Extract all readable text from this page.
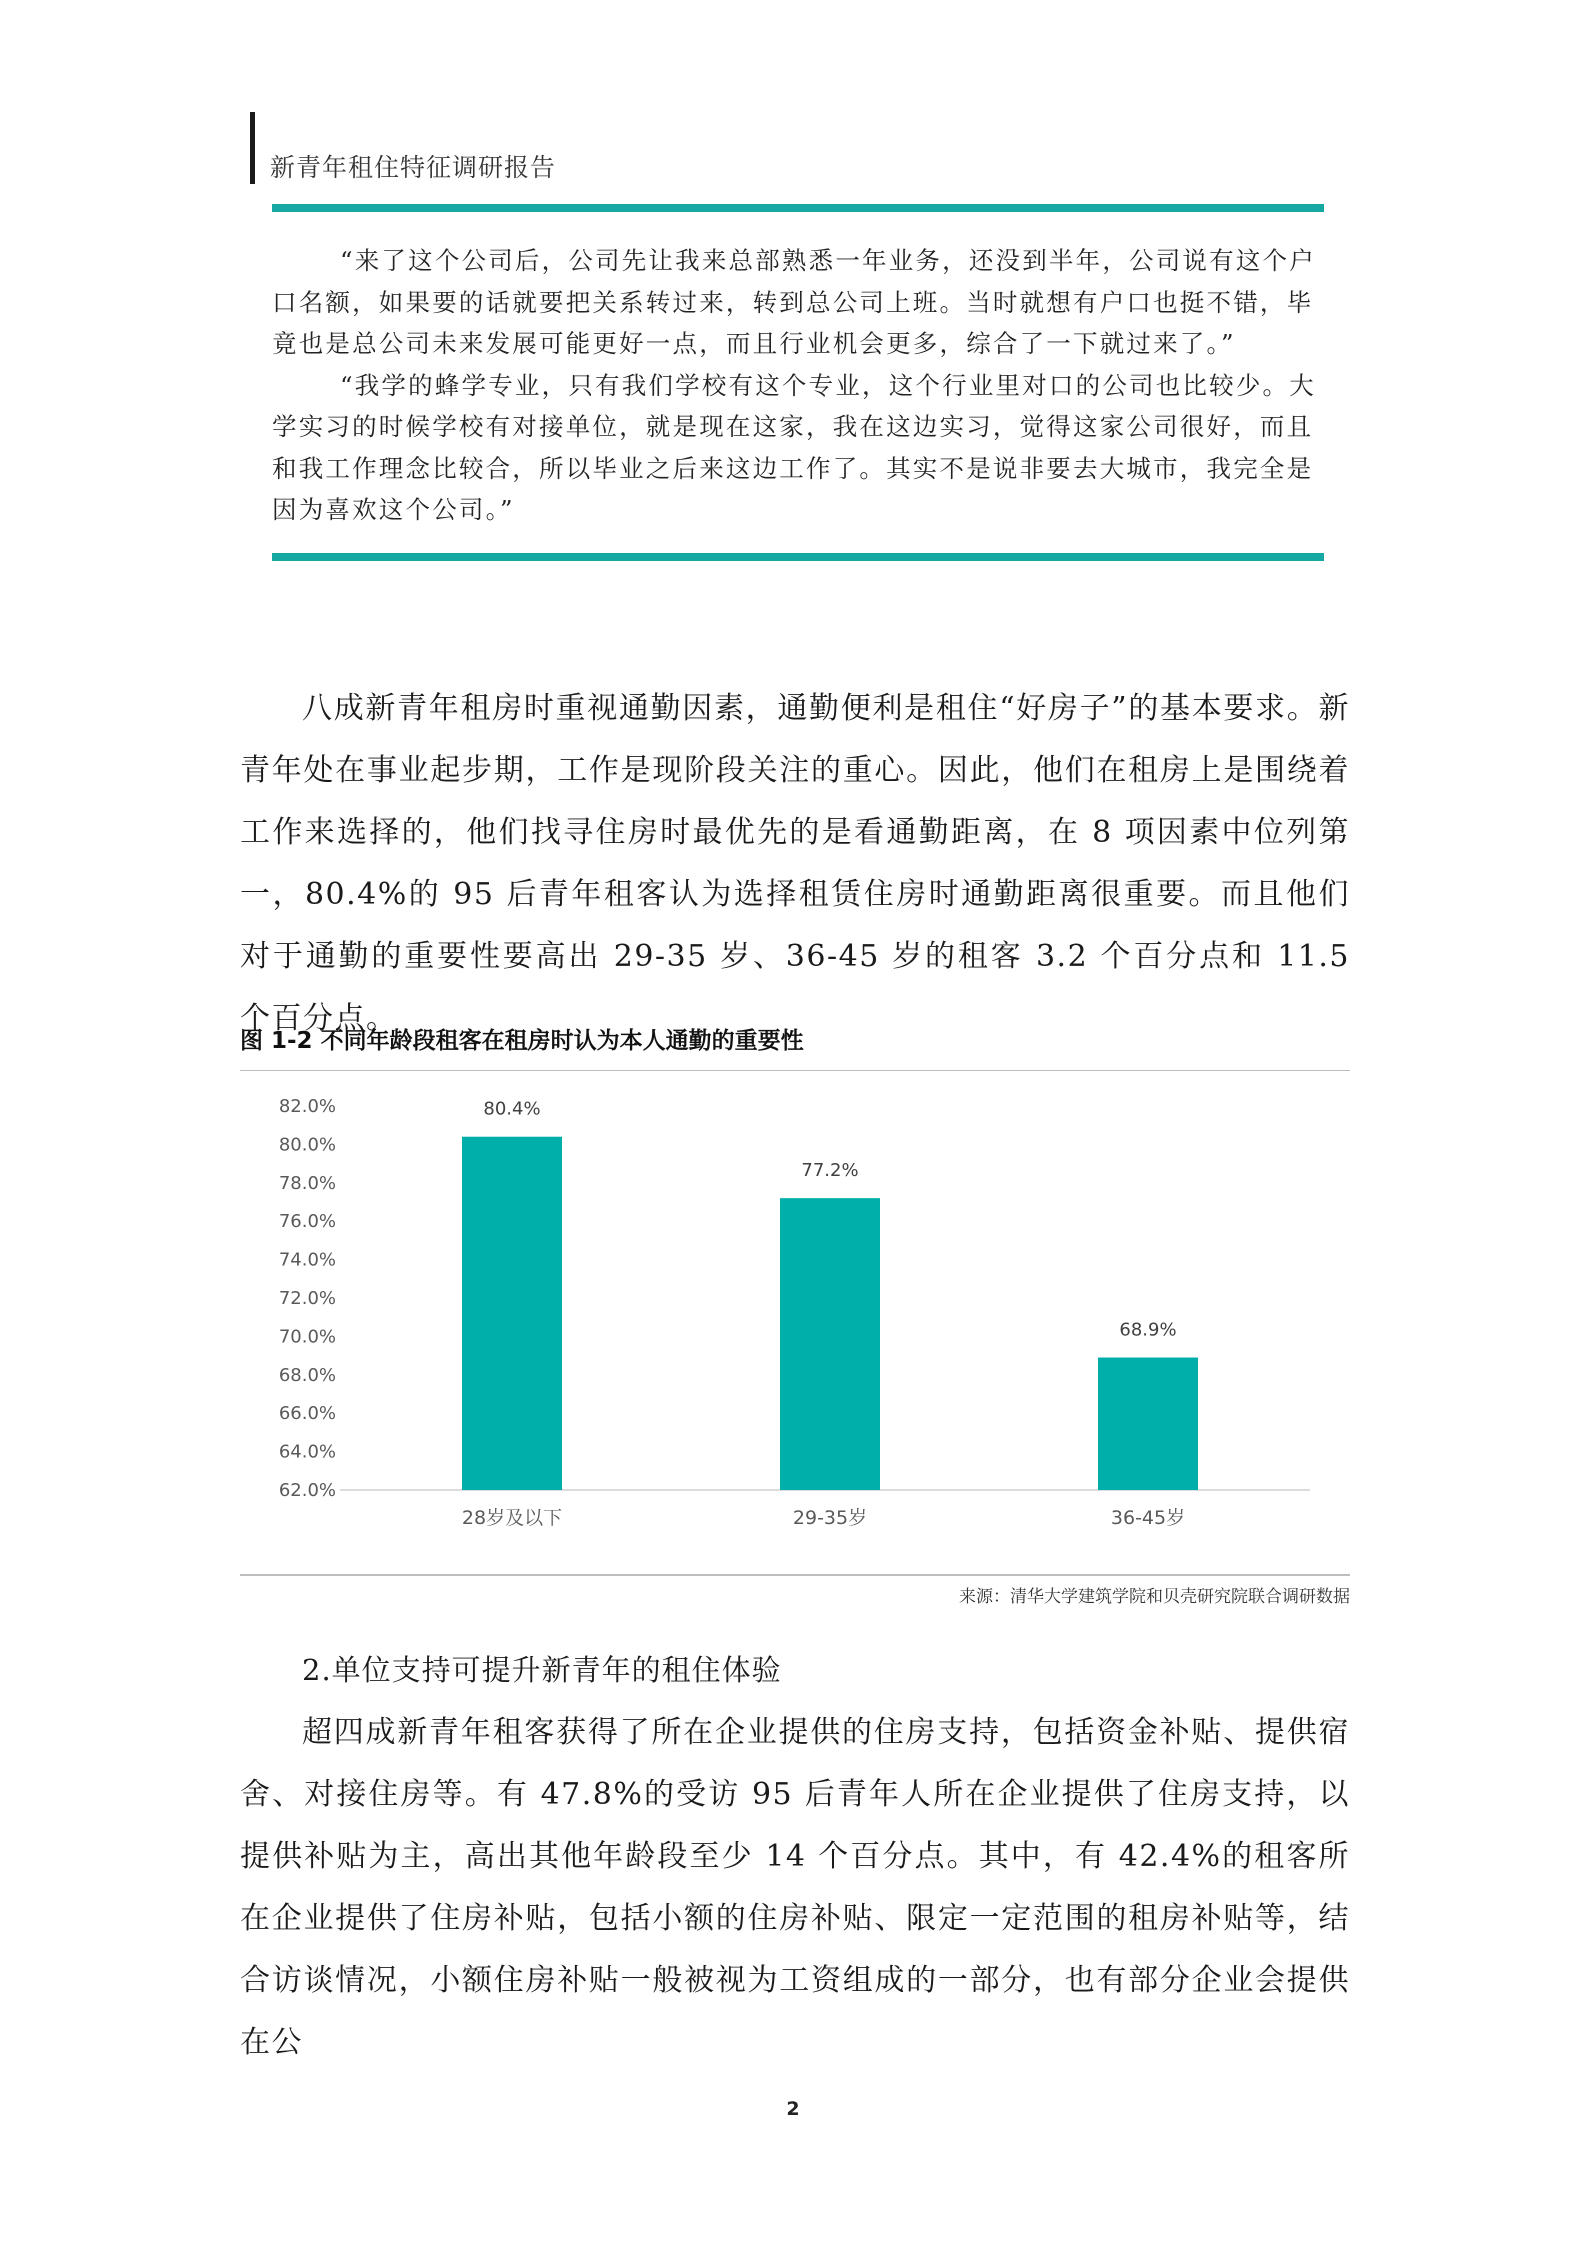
新青年租住特征调研报告

“来了这个公司后，公司先让我来总部熟悉一年业务，还没到半年，公司说有这个户口名额，如果要的话就要把关系转过来，转到总公司上班。当时就想有户口也挺不错，毕竟也是总公司未来发展可能更好一点，而且行业机会更多，综合了一下就过来了。”

“我学的蜂学专业，只有我们学校有这个专业，这个行业里对口的公司也比较少。大学实习的时候学校有对接单位，就是现在这家，我在这边实习，觉得这家公司很好，而且和我工作理念比较合，所以毕业之后来这边工作了。其实不是说非要去大城市，我完全是因为喜欢这个公司。”

八成新青年租房时重视通勤因素，通勤便利是租住“好房子”的基本要求。新青年处在事业起步期，工作是现阶段关注的重心。因此，他们在租房上是围绕着工作来选择的，他们找寻住房时最优先的是看通勤距离，在 8 项因素中位列第一，80.4%的 95 后青年租客认为选择租赁住房时通勤距离很重要。而且他们对于通勤的重要性要高出 29-35 岁、36-45 岁的租客 3.2 个百分点和 11.5 个百分点。

图 1-2 不同年龄段租客在租房时认为本人通勤的重要性
82.0%
80.0%
78.0%
76.0%
74.0%
72.0%
70.0%
68.0%
66.0%
64.0%
62.0%
80.4%
77.2%
68.9%
28岁及以下	29-35岁	36-45岁
来源：清华大学建筑学院和贝壳研究院联合调研数据
2.单位支持可提升新青年的租住体验

超四成新青年租客获得了所在企业提供的住房支持，包括资金补贴、提供宿舍、对接住房等。有 47.8%的受访 95 后青年人所在企业提供了住房支持，以提供补贴为主，高出其他年龄段至少 14 个百分点。其中，有 42.4%的租客所在企业提供了住房补贴，包括小额的住房补贴、限定一定范围的租房补贴等，结合访谈情况，小额住房补贴一般被视为工资组成的一部分，也有部分企业会提供在公

2
